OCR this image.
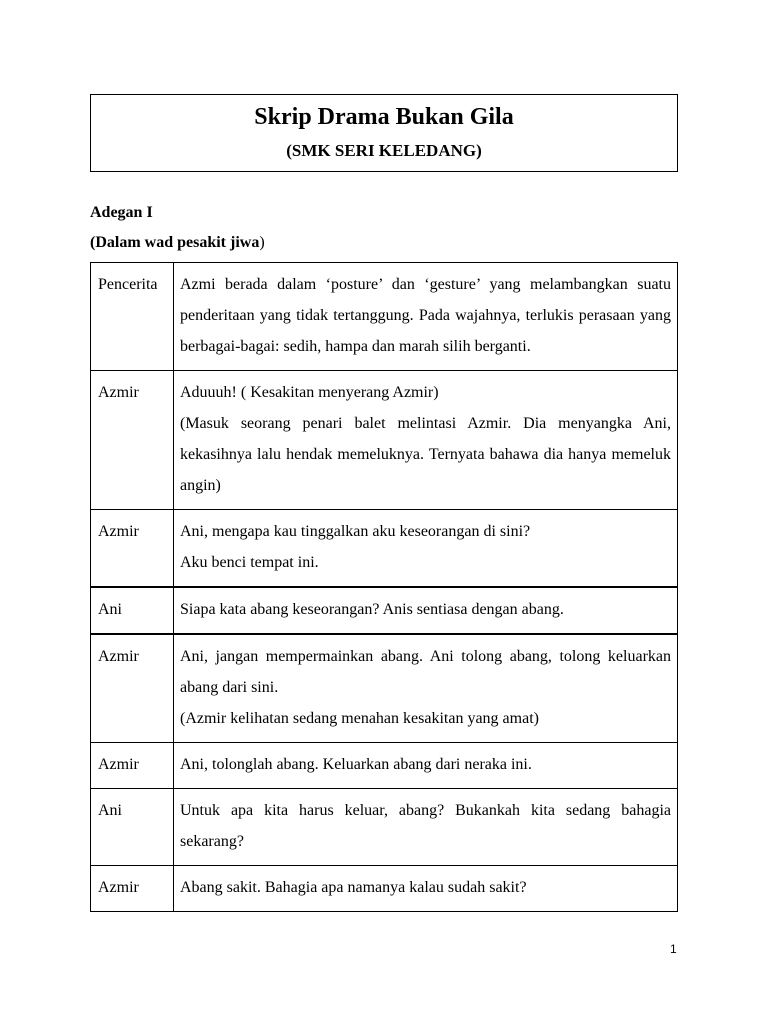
Skrip Drama Bukan Gila
(SMK SERI KELEDANG)
Adegan I
(Dalam wad pesakit jiwa)
Pencerita	Azmi berada dalam ‘posture’ dan ‘gesture’ yang melambangkan suatu penderitaan yang tidak tertanggung. Pada wajahnya, terlukis perasaan yang berbagai-bagai: sedih, hampa dan marah silih berganti.

Azmir	Aduuuh! ( Kesakitan menyerang Azmir)
(Masuk seorang penari balet melintasi Azmir. Dia menyangka Ani, kekasihnya lalu hendak memeluknya. Ternyata bahawa dia hanya memeluk angin)

Azmir	Ani, mengapa kau tinggalkan aku keseorangan di sini?
Aku benci tempat ini.

Ani	Siapa kata abang keseorangan? Anis sentiasa dengan abang.

Azmir	Ani, jangan mempermainkan abang. Ani tolong abang, tolong keluarkan abang dari sini.
(Azmir kelihatan sedang menahan kesakitan yang amat)

Azmir	Ani, tolonglah abang. Keluarkan abang dari neraka ini.

Ani	Untuk apa kita harus keluar, abang? Bukankah kita sedang bahagia sekarang?

Azmir	Abang sakit. Bahagia apa namanya kalau sudah sakit?
1
